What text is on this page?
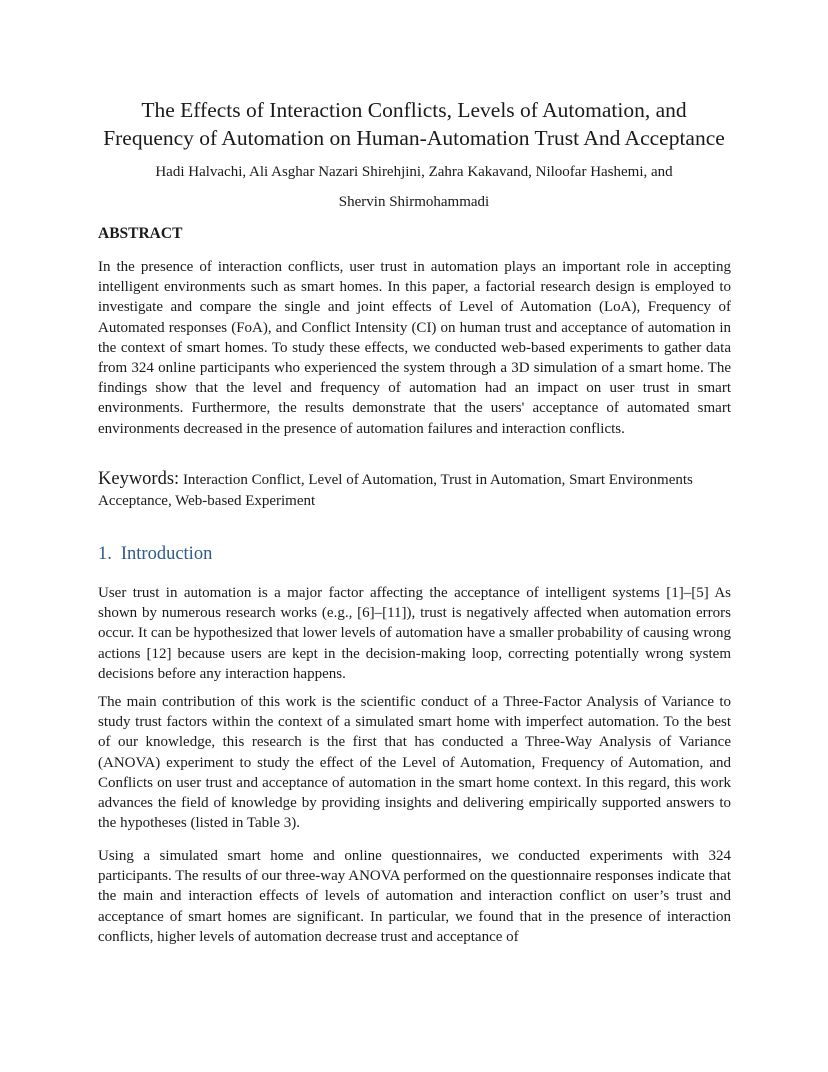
The Effects of Interaction Conflicts, Levels of Automation, and
Frequency of Automation on Human-Automation Trust And Acceptance

Hadi Halvachi, Ali Asghar Nazari Shirehjini, Zahra Kakavand, Niloofar Hashemi, and

Shervin Shirmohammadi

ABSTRACT

In the presence of interaction conflicts, user trust in automation plays an important role in accepting intelligent environments such as smart homes. In this paper, a factorial research design is employed to investigate and compare the single and joint effects of Level of Automation (LoA), Frequency of Automated responses (FoA), and Conflict Intensity (CI) on human trust and acceptance of automation in the context of smart homes. To study these effects, we conducted web-based experiments to gather data from 324 online participants who experienced the system through a 3D simulation of a smart home. The findings show that the level and frequency of automation had an impact on user trust in smart environments. Furthermore, the results demonstrate that the users' acceptance of automated smart environments decreased in the presence of automation failures and interaction conflicts.

Keywords: Interaction Conflict, Level of Automation, Trust in Automation, Smart Environments Acceptance, Web-based Experiment

1. Introduction

User trust in automation is a major factor affecting the acceptance of intelligent systems [1]–[5] As shown by numerous research works (e.g., [6]–[11]), trust is negatively affected when automation errors occur. It can be hypothesized that lower levels of automation have a smaller probability of causing wrong actions [12] because users are kept in the decision-making loop, correcting potentially wrong system decisions before any interaction happens.

The main contribution of this work is the scientific conduct of a Three-Factor Analysis of Variance to study trust factors within the context of a simulated smart home with imperfect automation. To the best of our knowledge, this research is the first that has conducted a Three-Way Analysis of Variance (ANOVA) experiment to study the effect of the Level of Automation, Frequency of Automation, and Conflicts on user trust and acceptance of automation in the smart home context. In this regard, this work advances the field of knowledge by providing insights and delivering empirically supported answers to the hypotheses (listed in Table 3).

Using a simulated smart home and online questionnaires, we conducted experiments with 324 participants. The results of our three-way ANOVA performed on the questionnaire responses indicate that the main and interaction effects of levels of automation and interaction conflict on user’s trust and acceptance of smart homes are significant. In particular, we found that in the presence of interaction conflicts, higher levels of automation decrease trust and acceptance of
